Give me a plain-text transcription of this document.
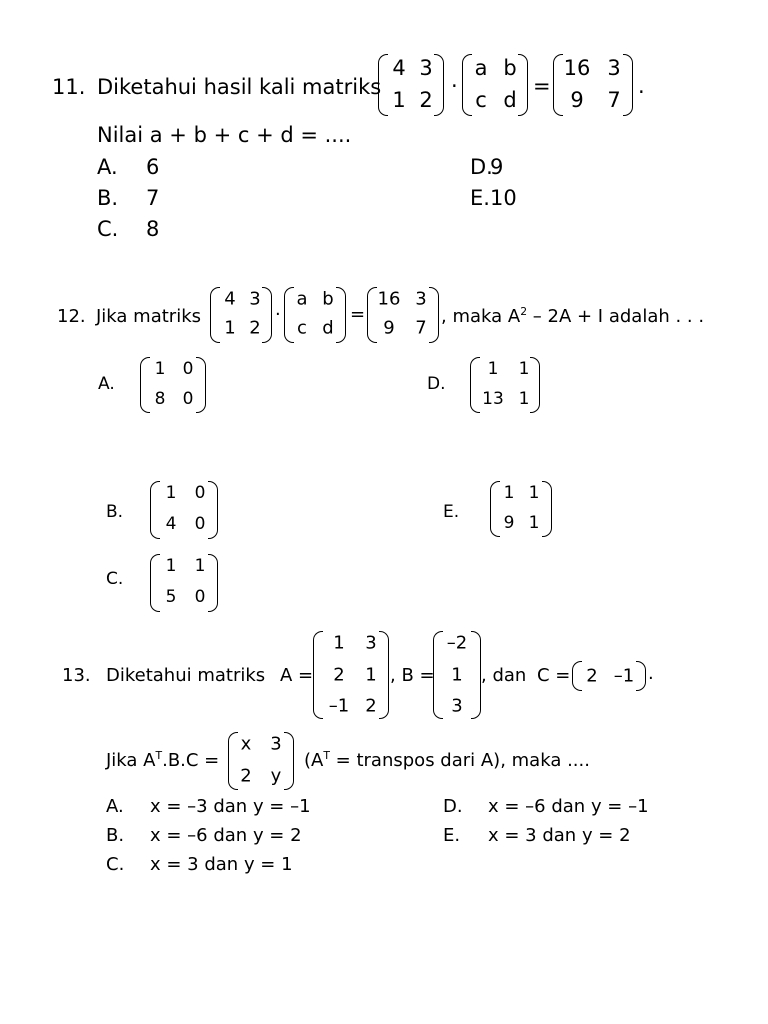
11. Diketahui hasil kali matriks
4 3
1 2
·
a b
c d
=
16 3
9 7
.
Nilai a + b + c + d = ....
A. 6
B. 7
C. 8
D.
9
E. 10
12. Jika matriks
4 3
1 2
·
a b
c d
=
16 3
9 7
, maka $A^2 - 2A + I$ adalah . . .
A.
1 0
8 0
B.
1 0
4 0
C.
1 1
5 0
D.
1 1
13 1
E.
1 1
9 1
13. Diketahui matriks A =
1 3
2 1
–1 2
, B =
–2
1
3
, dan C = 2 –1 .
Jika $A^T.B.C$ =
x 3
2 y
($A^T$ = transpos dari A), maka ....
A. x = –3 dan y = –1
B. x = –6 dan y = 2
C. x = 3 dan y = 1
D. x = –6 dan y = –1
E. x = 3 dan y = 2
